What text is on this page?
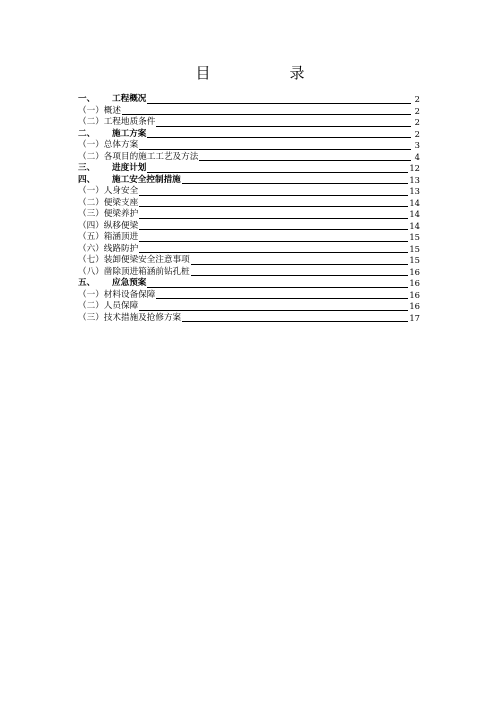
目　录
一、	工程概况	2
（一） 概述	2
（二） 工程地质条件	2
二、	施工方案	2
（一） 总体方案	3
（二） 各项目的施工工艺及方法	4
三、	进度计划	12
四、	施工安全控制措施	13
（一） 人身安全	13
（二） 便梁支座	14
（三） 便梁养护	14
（四） 纵移便梁	14
（五） 箱涵顶进	15
（六） 线路防护	15
（七） 装卸便梁安全注意事项	15
（八） 凿除顶进箱涵前钻孔桩	16
五、	应急预案	16
（一） 材料设备保障	16
（二） 人员保障	16
（三） 技术措施及抢修方案	17
